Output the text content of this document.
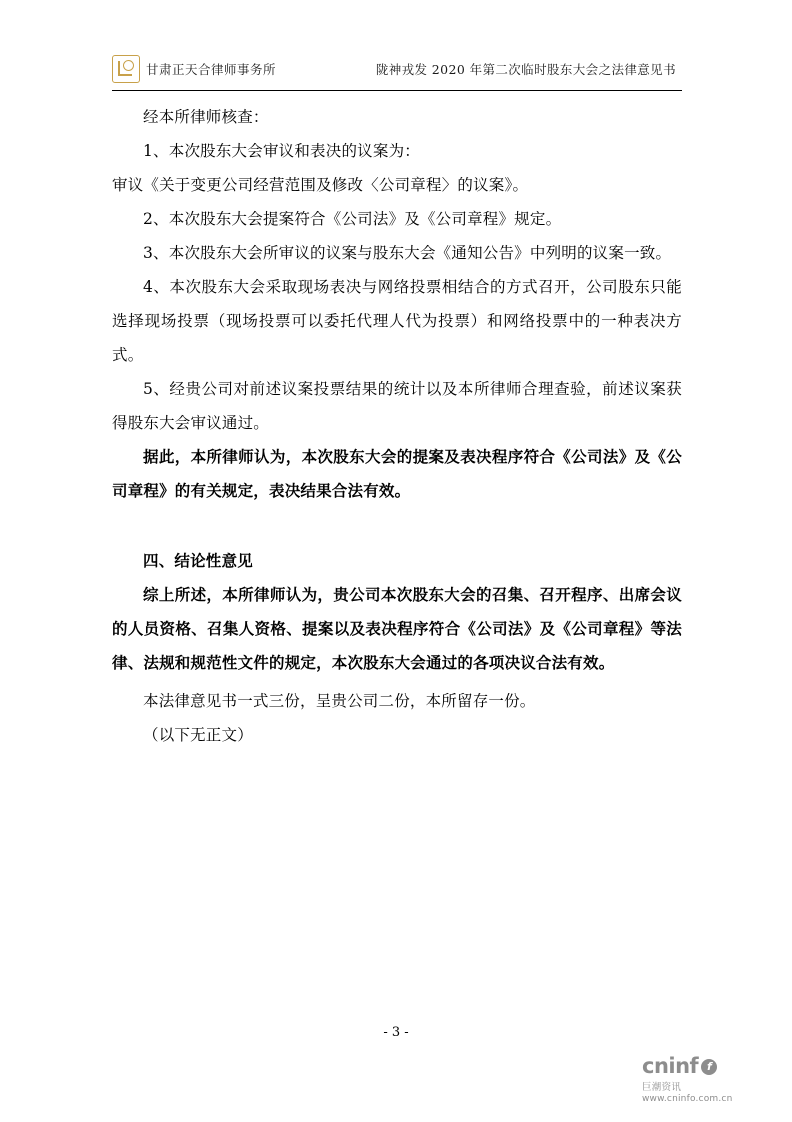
甘肃正天合律师事务所	陇神戎发 2020 年第二次临时股东大会之法律意见书

经本所律师核查：

1、本次股东大会审议和表决的议案为：

审议《关于变更公司经营范围及修改〈公司章程〉的议案》。

2、本次股东大会提案符合《公司法》及《公司章程》规定。

3、本次股东大会所审议的议案与股东大会《通知公告》中列明的议案一致。

4、本次股东大会采取现场表决与网络投票相结合的方式召开，公司股东只能选择现场投票（现场投票可以委托代理人代为投票）和网络投票中的一种表决方式。

5、经贵公司对前述议案投票结果的统计以及本所律师合理查验，前述议案获得股东大会审议通过。

据此，本所律师认为，本次股东大会的提案及表决程序符合《公司法》及《公司章程》的有关规定，表决结果合法有效。

四、结论性意见

综上所述，本所律师认为，贵公司本次股东大会的召集、召开程序、出席会议的人员资格、召集人资格、提案以及表决程序符合《公司法》及《公司章程》等法律、法规和规范性文件的规定，本次股东大会通过的各项决议合法有效。

本法律意见书一式三份，呈贵公司二份，本所留存一份。

（以下无正文）

- 3 -
cninf f
巨潮资讯
www.cninfo.com.cn
